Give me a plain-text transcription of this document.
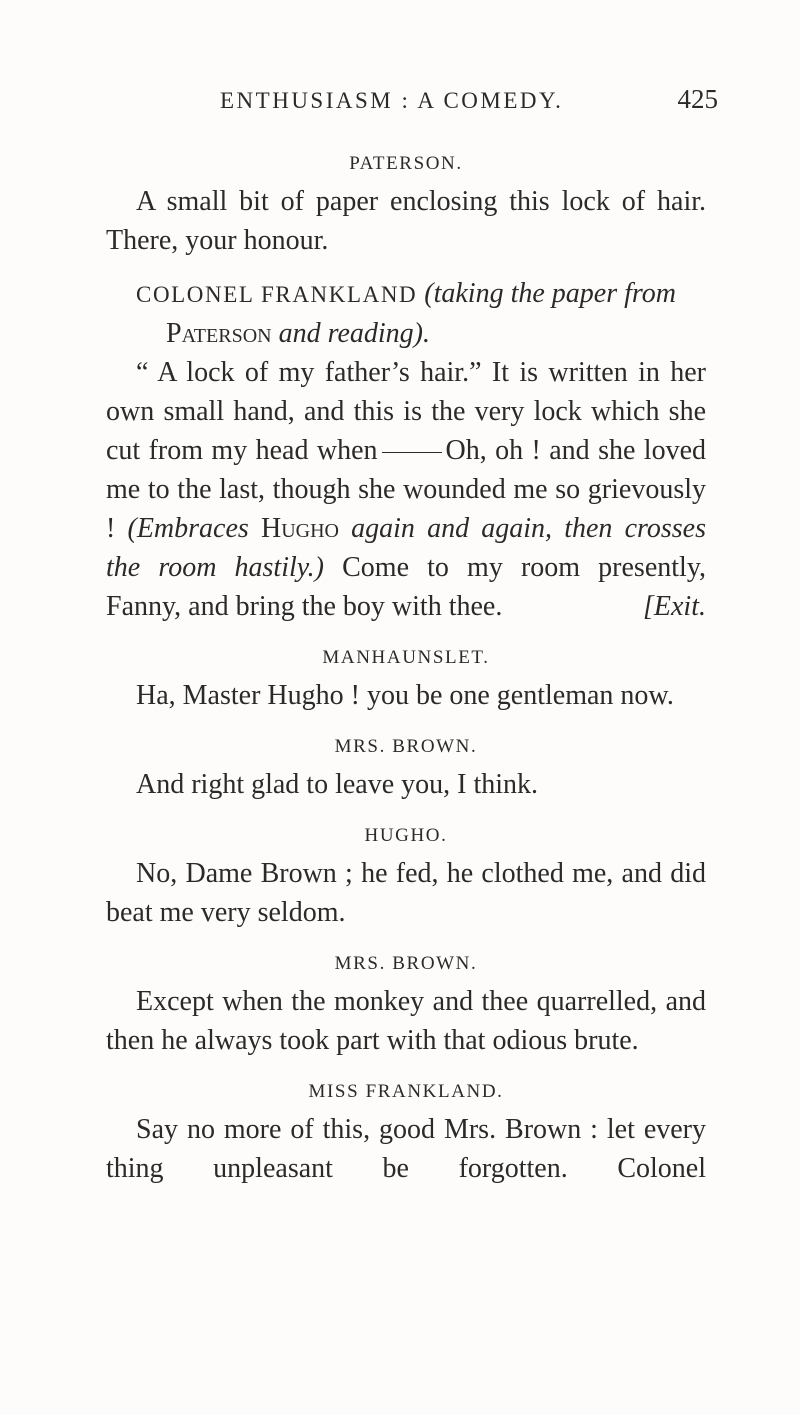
ENTHUSIASM : A COMEDY.	425

PATERSON.

A small bit of paper enclosing this lock of hair. There, your honour.

COLONEL FRANKLAND (taking the paper from
Paterson and reading).

“ A lock of my father’s hair.” It is written in her own small hand, and this is the very lock which she cut from my head when Oh, oh ! and she loved me to the last, though she wounded me so grievously ! (Embraces Hugho again and again, then crosses the room hastily.) Come to my room presently, Fanny, and bring the boy with thee.	[Exit.

MANHAUNSLET.

Ha, Master Hugho ! you be one gentleman now.

MRS. BROWN.

And right glad to leave you, I think.

HUGHO.

No, Dame Brown ; he fed, he clothed me, and did beat me very seldom.

MRS. BROWN.

Except when the monkey and thee quarrelled, and then he always took part with that odious brute.

MISS FRANKLAND.

Say no more of this, good Mrs. Brown : let every thing unpleasant be forgotten. Colonel
